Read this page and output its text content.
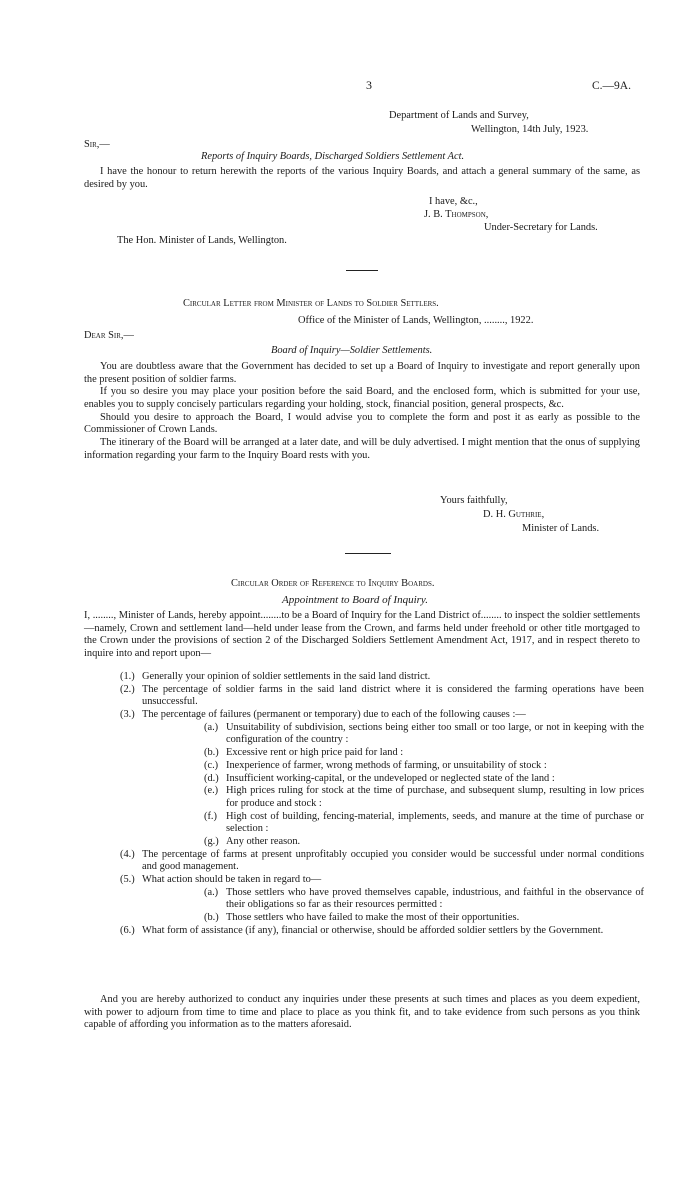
3	C.—9A.
Department of Lands and Survey,
Wellington, 14th July, 1923.
Sir,—
Reports of Inquiry Boards, Discharged Soldiers Settlement Act.

I have the honour to return herewith the reports of the various Inquiry Boards, and attach a general summary of the same, as desired by you.

I have, &c.,
J. B. Thompson,
Under-Secretary for Lands.
The Hon. Minister of Lands, Wellington.
Circular Letter from Minister of Lands to Soldier Settlers.
Office of the Minister of Lands, Wellington, ........, 1922.
Dear Sir,—
Board of Inquiry—Soldier Settlements.

You are doubtless aware that the Government has decided to set up a Board of Inquiry to investigate and report generally upon the present position of soldier farms.

If you so desire you may place your position before the said Board, and the enclosed form, which is submitted for your use, enables you to supply concisely particulars regarding your holding, stock, financial position, general prospects, &c.

Should you desire to approach the Board, I would advise you to complete the form and post it as early as possible to the Commissioner of Crown Lands.

The itinerary of the Board will be arranged at a later date, and will be duly advertised. I might mention that the onus of supplying information regarding your farm to the Inquiry Board rests with you.

Yours faithfully,
D. H. Guthrie,
Minister of Lands.
Circular Order of Reference to Inquiry Boards.
Appointment to Board of Inquiry.

I, ........, Minister of Lands, hereby appoint........to be a Board of Inquiry for the Land District of........ to inspect the soldier settlements—namely, Crown and settlement land—held under lease from the Crown, and farms held under freehold or other title mortgaged to the Crown under the provisions of section 2 of the Discharged Soldiers Settlement Amendment Act, 1917, and in respect thereto to inquire into and report upon—

(1.) Generally your opinion of soldier settlements in the said land district.
(2.) The percentage of soldier farms in the said land district where it is considered the farming operations have been unsuccessful.
(3.) The percentage of failures (permanent or temporary) due to each of the following causes :—
(a.) Unsuitability of subdivision, sections being either too small or too large, or not in keeping with the configuration of the country :
(b.) Excessive rent or high price paid for land :
(c.) Inexperience of farmer, wrong methods of farming, or unsuitability of stock :
(d.) Insufficient working-capital, or the undeveloped or neglected state of the land :
(e.) High prices ruling for stock at the time of purchase, and subsequent slump, resulting in low prices for produce and stock :
(f.) High cost of building, fencing-material, implements, seeds, and manure at the time of purchase or selection :
(g.) Any other reason.
(4.) The percentage of farms at present unprofitably occupied you consider would be successful under normal conditions and good management.
(5.) What action should be taken in regard to—
(a.) Those settlers who have proved themselves capable, industrious, and faithful in the observance of their obligations so far as their resources permitted :
(b.) Those settlers who have failed to make the most of their opportunities.
(6.) What form of assistance (if any), financial or otherwise, should be afforded soldier settlers by the Government.

And you are hereby authorized to conduct any inquiries under these presents at such times and places as you deem expedient, with power to adjourn from time to time and place to place as you think fit, and to take evidence from such persons as you think capable of affording you information as to the matters aforesaid.
